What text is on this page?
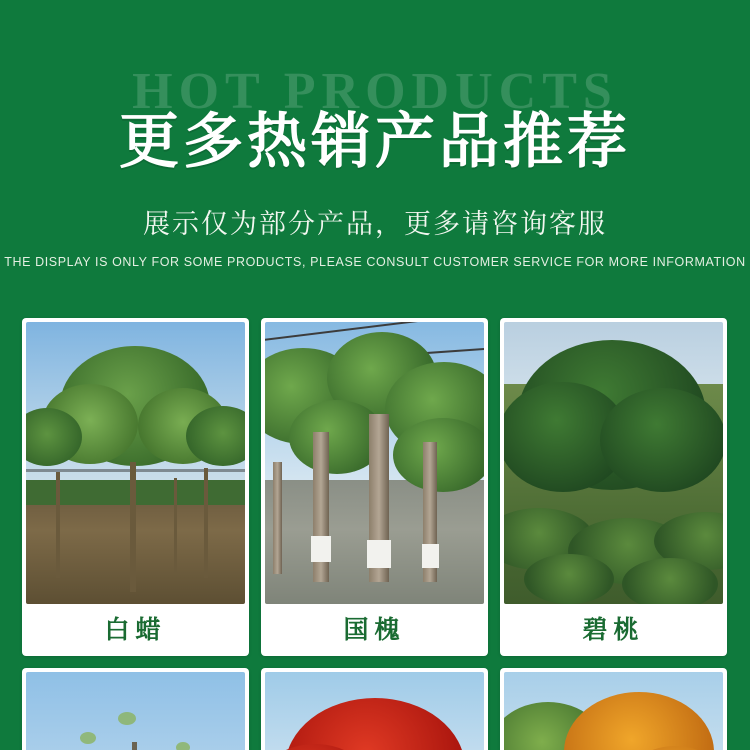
HOT PRODUCTS
更多热销产品推荐
展示仅为部分产品，更多请咨询客服
THE DISPLAY IS ONLY FOR SOME PRODUCTS, PLEASE CONSULT CUSTOMER SERVICE FOR MORE INFORMATION
白蜡	国槐	碧桃
